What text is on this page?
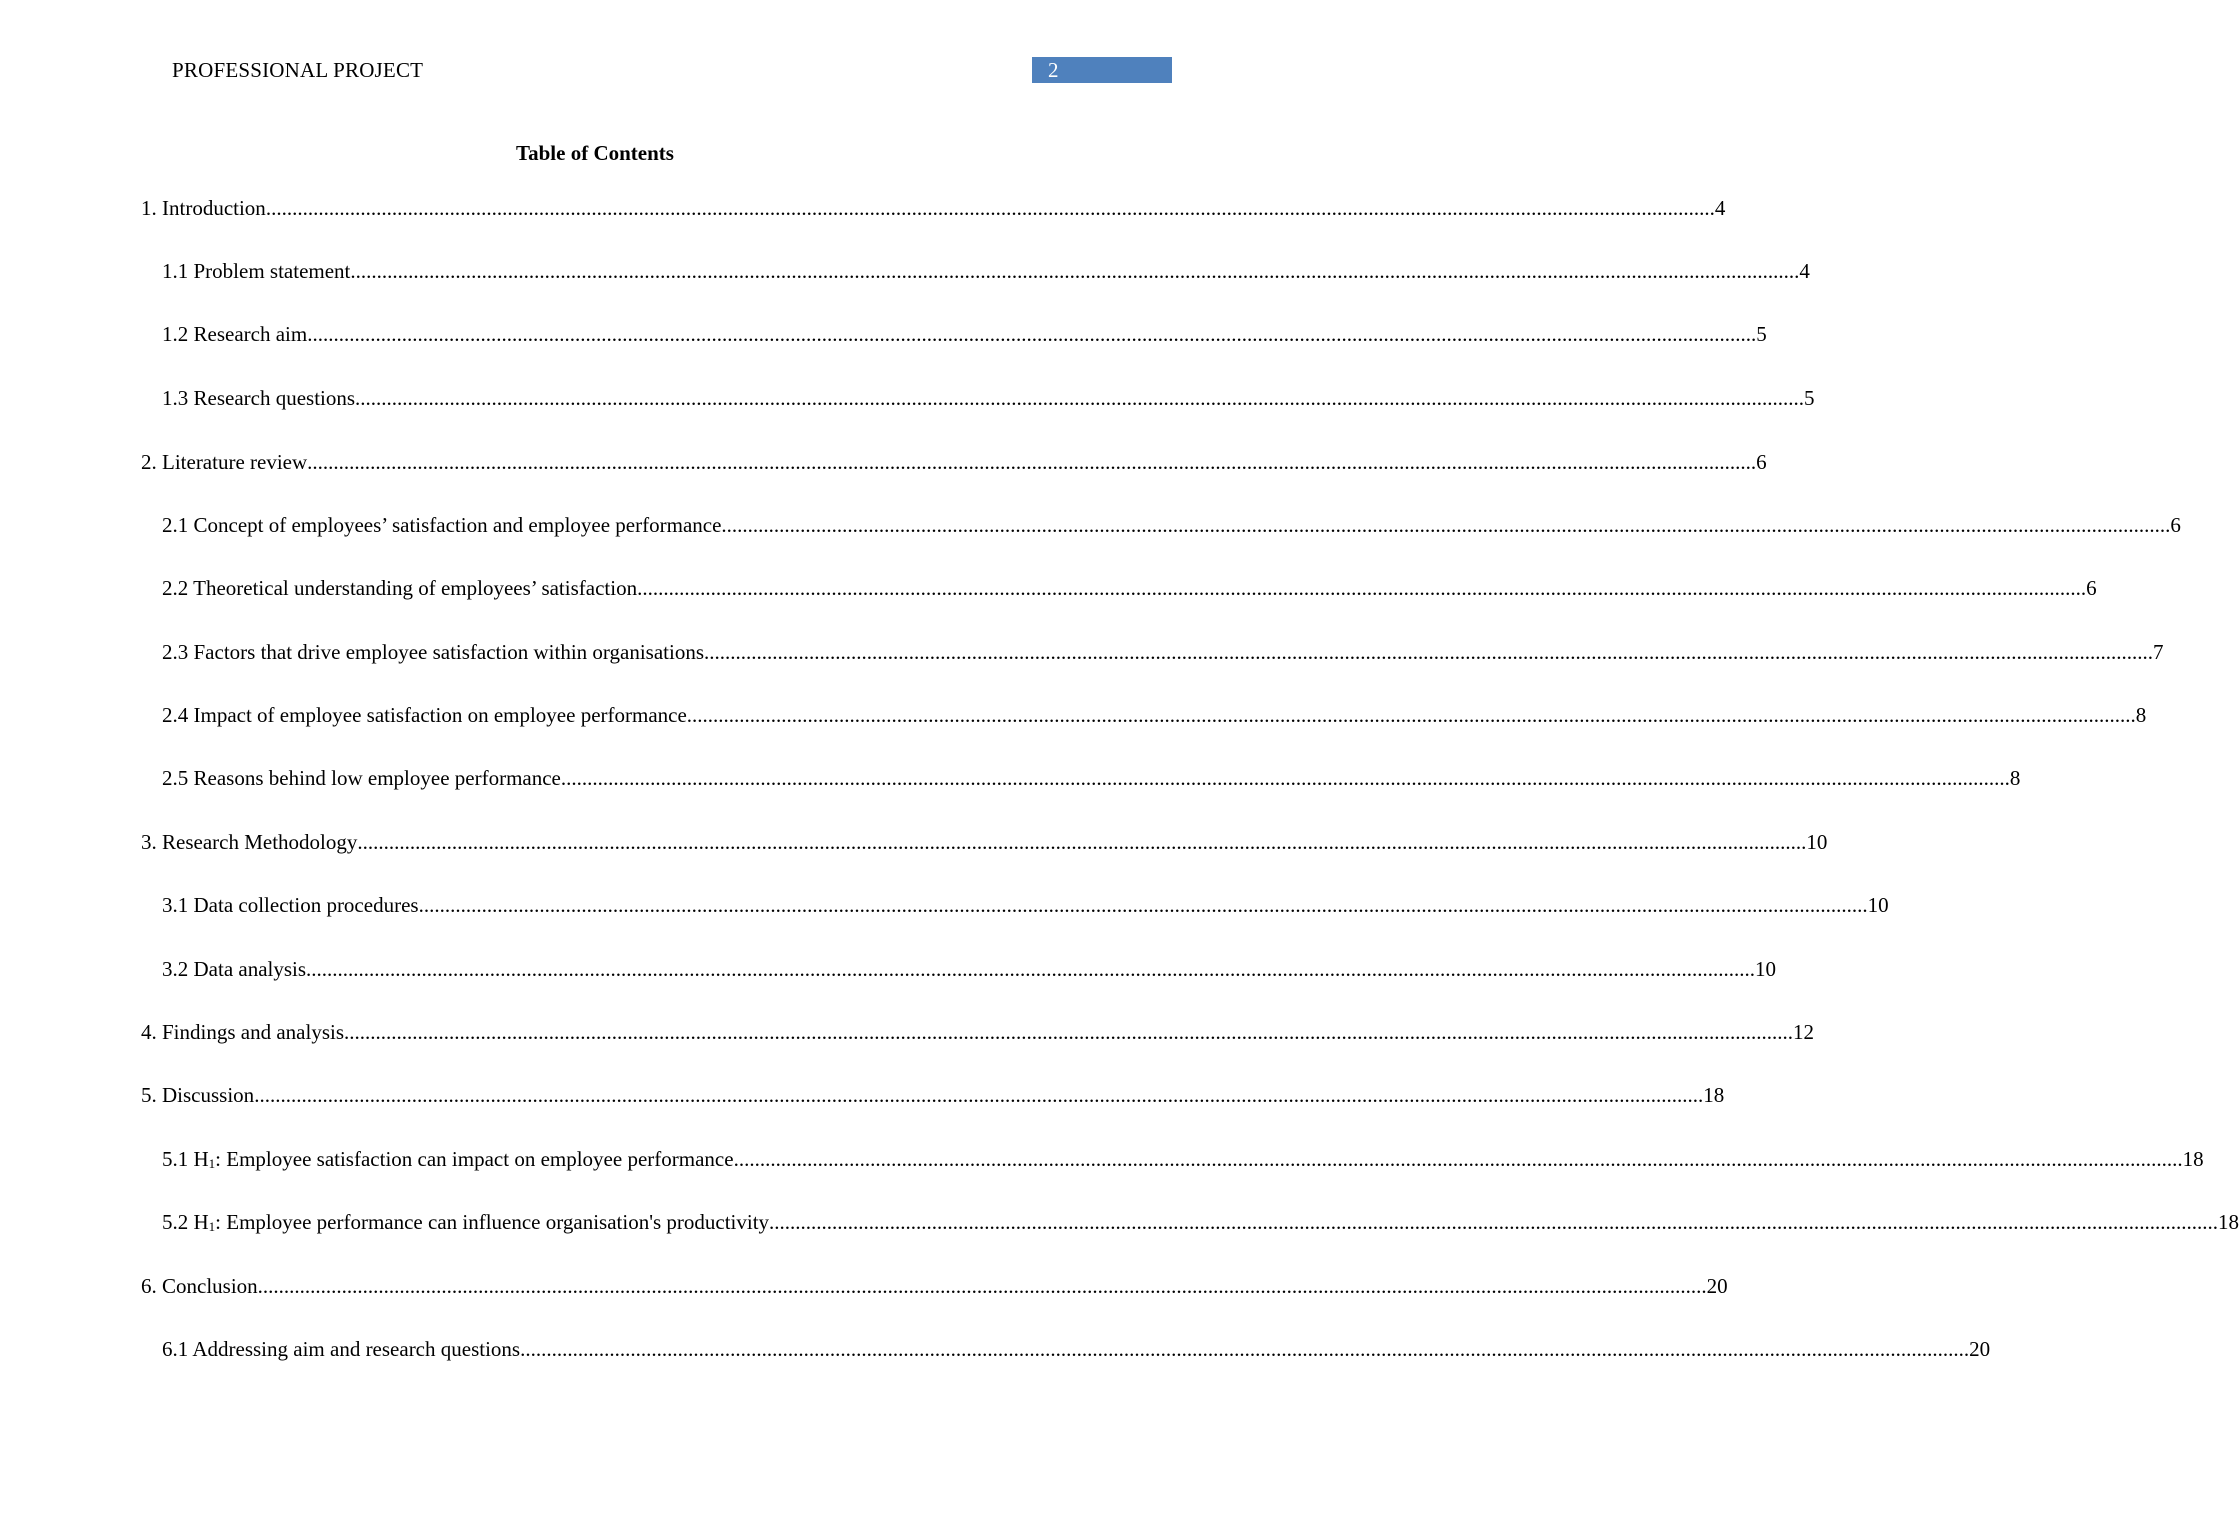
PROFESSIONAL PROJECT	2
Table of Contents
1. Introduction .................................................................................................................................................................................................................................................................................... 4
1.1 Problem statement .................................................................................................................................................................................................................................................................................... 4
1.2 Research aim .................................................................................................................................................................................................................................................................................... 5
1.3 Research questions .................................................................................................................................................................................................................................................................................... 5
2. Literature review .................................................................................................................................................................................................................................................................................... 6
2.1 Concept of employees’ satisfaction and employee performance .................................................................................................................................................................................................................................................................................... 6
2.2 Theoretical understanding of employees’ satisfaction .................................................................................................................................................................................................................................................................................... 6
2.3 Factors that drive employee satisfaction within organisations .................................................................................................................................................................................................................................................................................... 7
2.4 Impact of employee satisfaction on employee performance .................................................................................................................................................................................................................................................................................... 8
2.5 Reasons behind low employee performance .................................................................................................................................................................................................................................................................................... 8
3. Research Methodology .................................................................................................................................................................................................................................................................................... 10
3.1 Data collection procedures .................................................................................................................................................................................................................................................................................... 10
3.2 Data analysis .................................................................................................................................................................................................................................................................................... 10
4. Findings and analysis .................................................................................................................................................................................................................................................................................... 12
5. Discussion .................................................................................................................................................................................................................................................................................... 18
5.1 $H_1$: Employee satisfaction can impact on employee performance .................................................................................................................................................................................................................................................................................... 18
5.2 $H_1$: Employee performance can influence organisation's productivity .................................................................................................................................................................................................................................................................................... 18
6. Conclusion .................................................................................................................................................................................................................................................................................... 20
6.1 Addressing aim and research questions .................................................................................................................................................................................................................................................................................... 20
